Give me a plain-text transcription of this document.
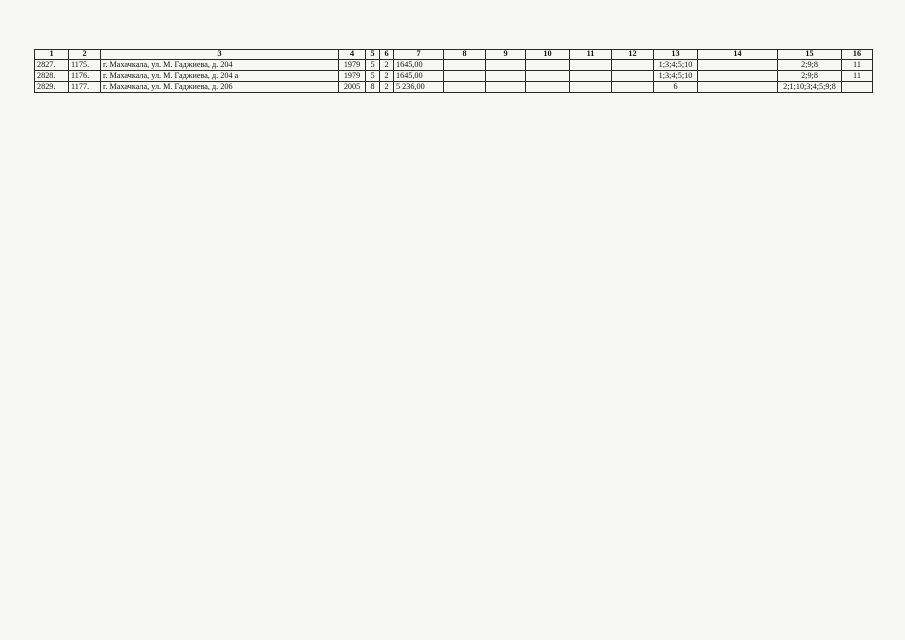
1	2	3	4	5	6	7	8	9	10	11	12	13	14	15	16
2827.	1175.	г. Махачкала, ул. М. Гаджиева, д. 204	1979	5	2	1645,00						1;3;4;5;10		2;9;8	11
2828.	1176.	г. Махачкала, ул. М. Гаджиева, д. 204 а	1979	5	2	1645,00						1;3;4;5;10		2;9;8	11
2829.	1177.	г. Махачкала, ул. М. Гаджиева, д. 206	2005	8	2	5 236,00						6		2;1;10;3;4;5;9;8	
